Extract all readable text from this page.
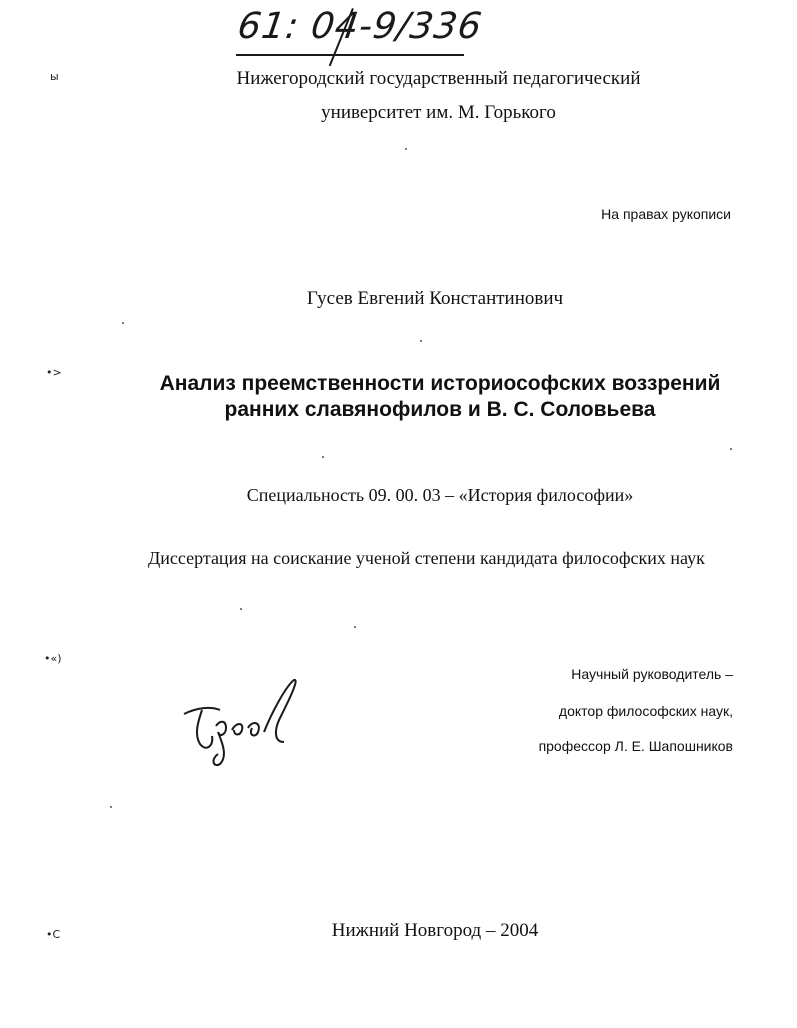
61: 04-9/336
Нижегородский государственный педагогический
университет им. М. Горького
На правах рукописи
Гусев Евгений Константинович
Анализ преемственности историософских воззрений
ранних славянофилов и В. С. Соловьева
Специальность 09. 00. 03 – «История философии»
Диссертация на соискание ученой степени кандидата философских наук
Научный руководитель –
доктор философских наук,
профессор Л. Е. Шапошников
Нижний Новгород – 2004
ы
•>
•«)
•С
